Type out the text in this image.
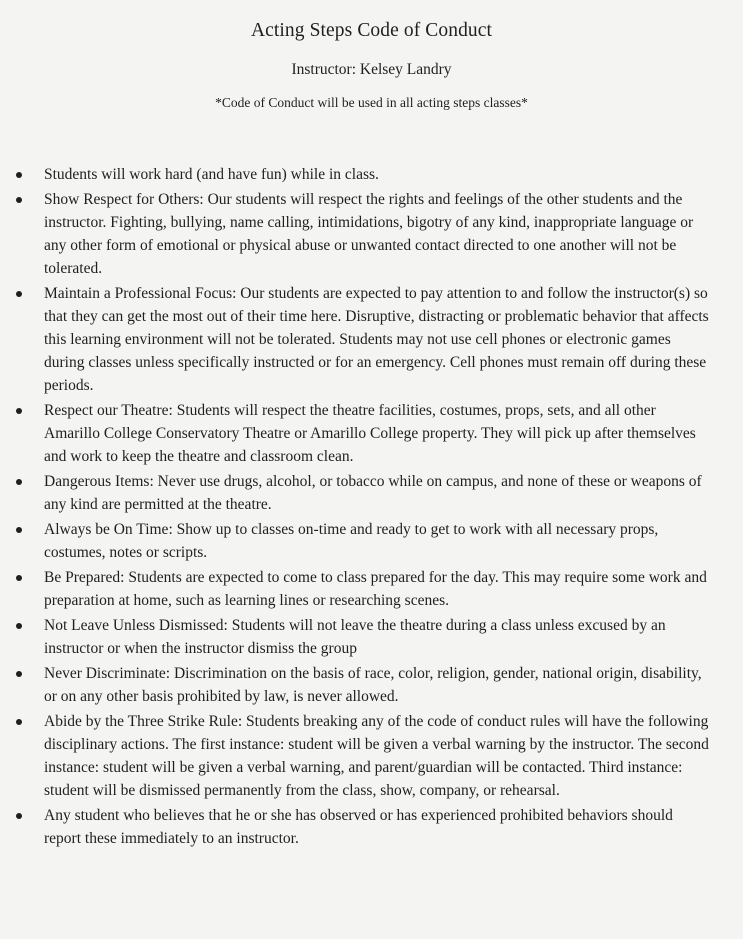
Acting Steps Code of Conduct
Instructor: Kelsey Landry
*Code of Conduct will be used in all acting steps classes*
Students will work hard (and have fun) while in class.
Show Respect for Others: Our students will respect the rights and feelings of the other students and the instructor. Fighting, bullying, name calling, intimidations, bigotry of any kind, inappropriate language or any other form of emotional or physical abuse or unwanted contact directed to one another will not be tolerated.
Maintain a Professional Focus: Our students are expected to pay attention to and follow the instructor(s) so that they can get the most out of their time here. Disruptive, distracting or problematic behavior that affects this learning environment will not be tolerated. Students may not use cell phones or electronic games during classes unless specifically instructed or for an emergency. Cell phones must remain off during these periods.
Respect our Theatre: Students will respect the theatre facilities, costumes, props, sets, and all other Amarillo College Conservatory Theatre or Amarillo College property. They will pick up after themselves and work to keep the theatre and classroom clean.
Dangerous Items: Never use drugs, alcohol, or tobacco while on campus, and none of these or weapons of any kind are permitted at the theatre.
Always be On Time: Show up to classes on-time and ready to get to work with all necessary props, costumes, notes or scripts.
Be Prepared: Students are expected to come to class prepared for the day. This may require some work and preparation at home, such as learning lines or researching scenes.
Not Leave Unless Dismissed: Students will not leave the theatre during a class unless excused by an instructor or when the instructor dismiss the group
Never Discriminate: Discrimination on the basis of race, color, religion, gender, national origin, disability, or on any other basis prohibited by law, is never allowed.
Abide by the Three Strike Rule: Students breaking any of the code of conduct rules will have the following disciplinary actions. The first instance: student will be given a verbal warning by the instructor. The second instance: student will be given a verbal warning, and parent/guardian will be contacted. Third instance: student will be dismissed permanently from the class, show, company, or rehearsal.
Any student who believes that he or she has observed or has experienced prohibited behaviors should report these immediately to an instructor.
